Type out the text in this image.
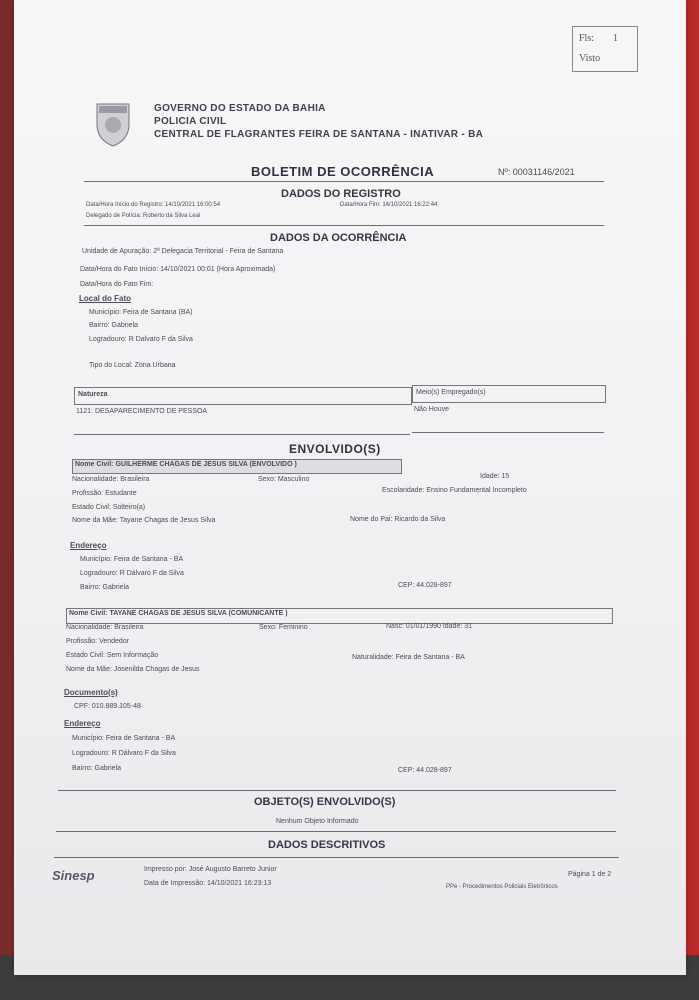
Fls: 1
Visto
GOVERNO DO ESTADO DA BAHIA
POLICIA CIVIL
CENTRAL DE FLAGRANTES FEIRA DE SANTANA - INATIVAR - BA
BOLETIM DE OCORRÊNCIA	Nº: 00031146/2021
DADOS DO REGISTRO
Data/Hora Início do Registro: 14/10/2021 16:00:54	Data/Hora Fim: 14/10/2021 16:22:44
Delegado de Polícia: Roberto da Silva Leal
DADOS DA OCORRÊNCIA
Unidade de Apuração: 2ª Delegacia Territorial - Feira de Santana
Data/Hora do Fato Início: 14/10/2021 00:01 (Hora Aproximada)
Data/Hora do Fato Fim:
Local do Fato
Município: Feira de Santana (BA)
Bairro: Gabriela
Logradouro: R Dalvaro F da Silva
Tipo do Local: Zona Urbana
Natureza	Meio(s) Empregado(s)
1121: DESAPARECIMENTO DE PESSOA	Não Houve
ENVOLVIDO(S)
Nome Civil: GUILHERME CHAGAS DE JESUS SILVA (ENVOLVIDO )
Nacionalidade: Brasileira	Sexo: Masculino	Idade: 15
Profissão: Estudante	Escolaridade: Ensino Fundamental Incompleto
Estado Civil: Solteiro(a)
Nome da Mãe: Tayane Chagas de Jesus Silva	Nome do Pai: Ricardo da Silva
Endereço
Município: Feira de Santana - BA
Logradouro: R Dálvaro F da Silva
Bairro: Gabriela	CEP: 44.028-897
Nome Civil: TAYANE CHAGAS DE JESUS SILVA (COMUNICANTE )
Nacionalidade: Brasileira	Sexo: Feminino	Nasc: 01/01/1990 Idade: 31
Profissão: Vendedor
Estado Civil: Sem Informação	Naturalidade: Feira de Santana - BA
Nome da Mãe: Josenilda Chagas de Jesus
Documento(s)
CPF: 010.889.105-48
Endereço
Município: Feira de Santana - BA
Logradouro: R Dálvaro F da Silva
Bairro: Gabriela	CEP: 44.028-897
OBJETO(S) ENVOLVIDO(S)
Nenhum Objeto Informado
DADOS DESCRITIVOS
Sinesp	Impresso por: José Augusto Barreto Junior
Data de Impressão: 14/10/2021 16:23:13
Página 1 de 2
PPe - Procedimentos Policiais Eletrônicos
